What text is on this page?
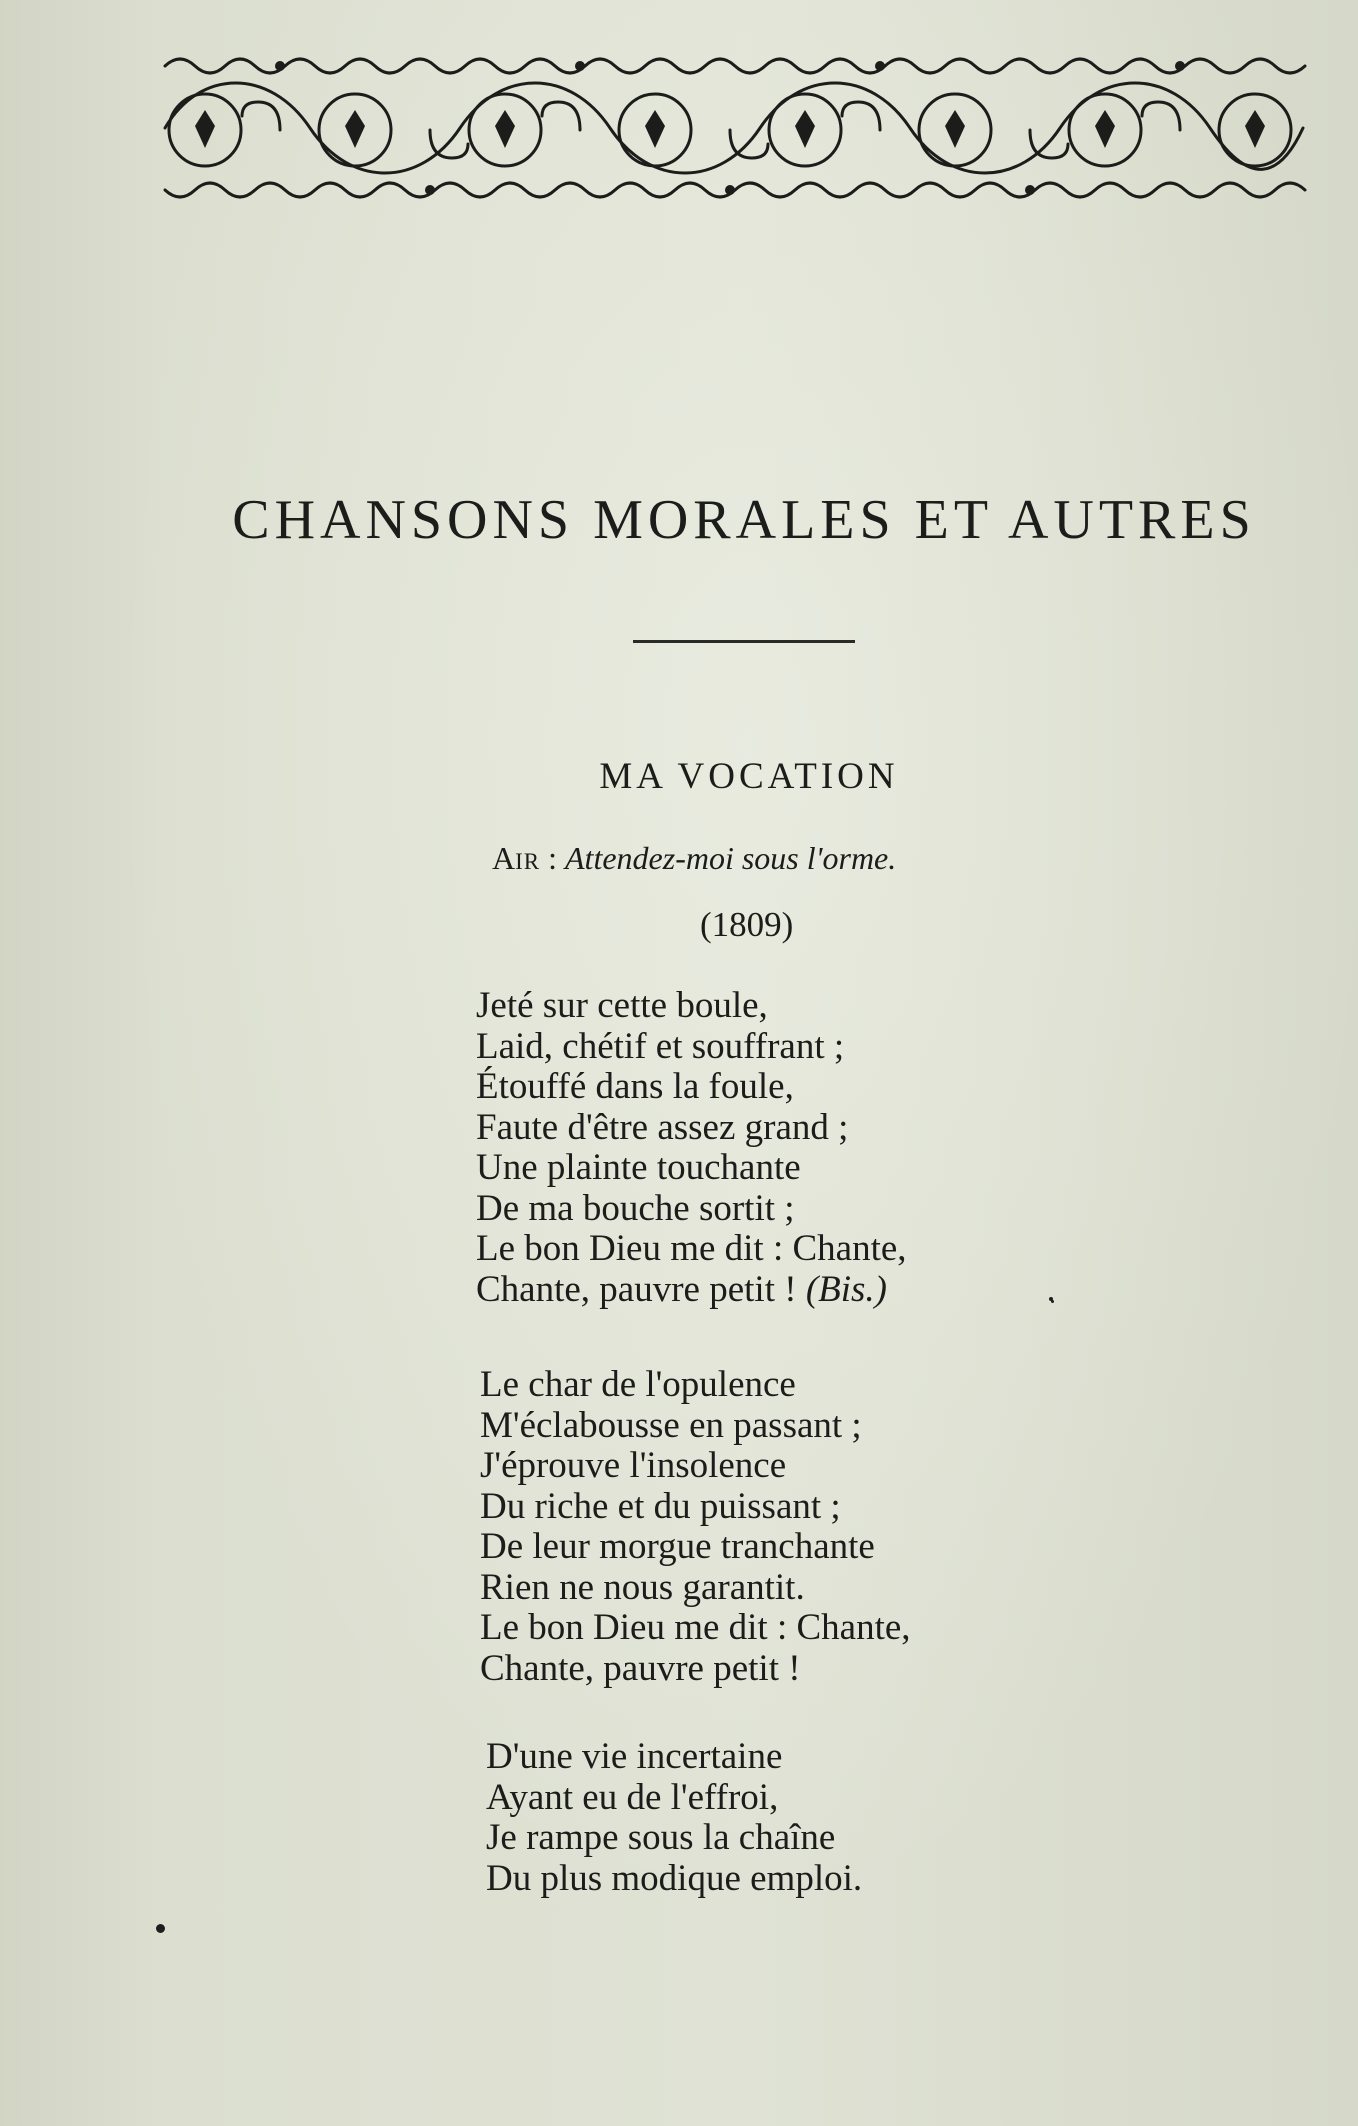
CHANSONS MORALES ET AUTRES
MA VOCATION
AIR : Attendez-moi sous l'orme.
(1809)
Jeté sur cette boule,
Laid, chétif et souffrant ;
Étouffé dans la foule,
Faute d'être assez grand ;
Une plainte touchante
De ma bouche sortit ;
Le bon Dieu me dit : Chante,
Chante, pauvre petit ! (Bis.)
Le char de l'opulence
M'éclabousse en passant ;
J'éprouve l'insolence
Du riche et du puissant ;
De leur morgue tranchante
Rien ne nous garantit.
Le bon Dieu me dit : Chante,
Chante, pauvre petit !
D'une vie incertaine
Ayant eu de l'effroi,
Je rampe sous la chaîne
Du plus modique emploi.
